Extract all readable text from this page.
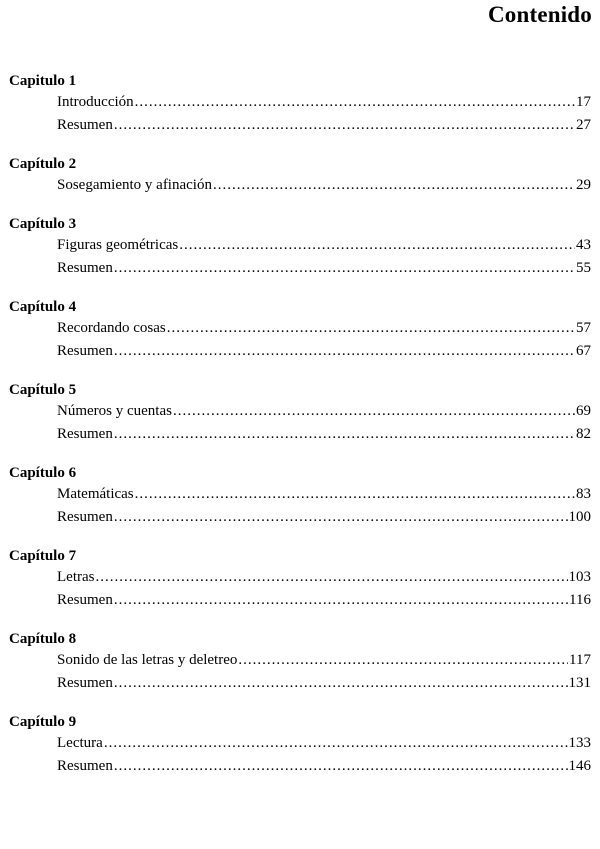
Contenido
Capitulo 1
Introducción .....	17
Resumen .....	27
Capítulo 2
Sosegamiento y afinación .....	29
Capítulo 3
Figuras geométricas .....	43
Resumen .....	55
Capítulo 4
Recordando cosas .....	57
Resumen .....	67
Capítulo 5
Números y cuentas .....	69
Resumen .....	82
Capítulo 6
Matemáticas .....	83
Resumen .....	100
Capítulo 7
Letras .....	103
Resumen .....	116
Capítulo 8
Sonido de las letras y deletreo .....	117
Resumen .....	131
Capítulo 9
Lectura .....	133
Resumen .....	146
